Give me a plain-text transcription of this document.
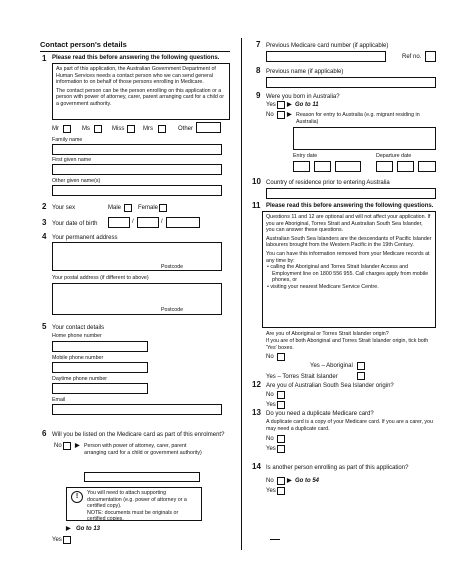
Contact person's details
1 Please read this before answering the following questions.
As part of this application, the Australian Government Department of Human Services needs a contact person who we can send general information to on behalf of those persons enrolling in Medicare.
The contact person can be the person enrolling on this application or a person with power of attorney, carer, parent arranging card for a child or a government authority.
Mr	Ms	Miss	Mrs	Other
Family name
First given name
Other given name(s)
2 Your sex	Male	Female
3 Your date of birth	/	/
4 Your permanent address
Postcode
Your postal address (if different to above)
Postcode
5 Your contact details
Home phone number
Mobile phone number
Daytime phone number
Email
6 Will you be listed on the Medicare card as part of this enrolment?
No ▶ Person with power of attorney, carer, parent arranging card for a child or government authority)
!	You will need to attach supporting documentation (e.g. power of attorney or a certified copy).
NOTE: documents must be originals or certified copies.
▶ Go to 13
Yes
7 Previous Medicare card number (if applicable)
Ref no.
8 Previous name (if applicable)
9 Were you born in Australia?
Yes ▶ Go to 11
No ▶ Reason for entry to Australia (e.g. migrant residing in Australia)
Entry date	Departure date
10 Country of residence prior to entering Australia
11 Please read this before answering the following questions.
Questions 11 and 12 are optional and will not affect your application. If you are Aboriginal, Torres Strait and Australian South Sea Islander, you can answer these questions.
Australian South Sea Islanders are the descendants of Pacific Islander labourers brought from the Western Pacific in the 19th Century.
You can have this information removed from your Medicare records at any time by:
• calling the Aboriginal and Torres Strait Islander Access and Employment line on 1800 556 955. Call charges apply from mobile phones, or
• visiting your nearest Medicare Service Centre.
Are you of Aboriginal or Torres Strait Islander origin?
If you are of both Aboriginal and Torres Strait Islander origin, tick both 'Yes' boxes.
No
Yes – Aboriginal
Yes – Torres Strait Islander
12 Are you of Australian South Sea Islander origin?
No
Yes
13 Do you need a duplicate Medicare card?
A duplicate card is a copy of your Medicare card. If you are a carer, you may need a duplicate card.
No
Yes
14 Is another person enrolling as part of this application?
No ▶ Go to 54
Yes
